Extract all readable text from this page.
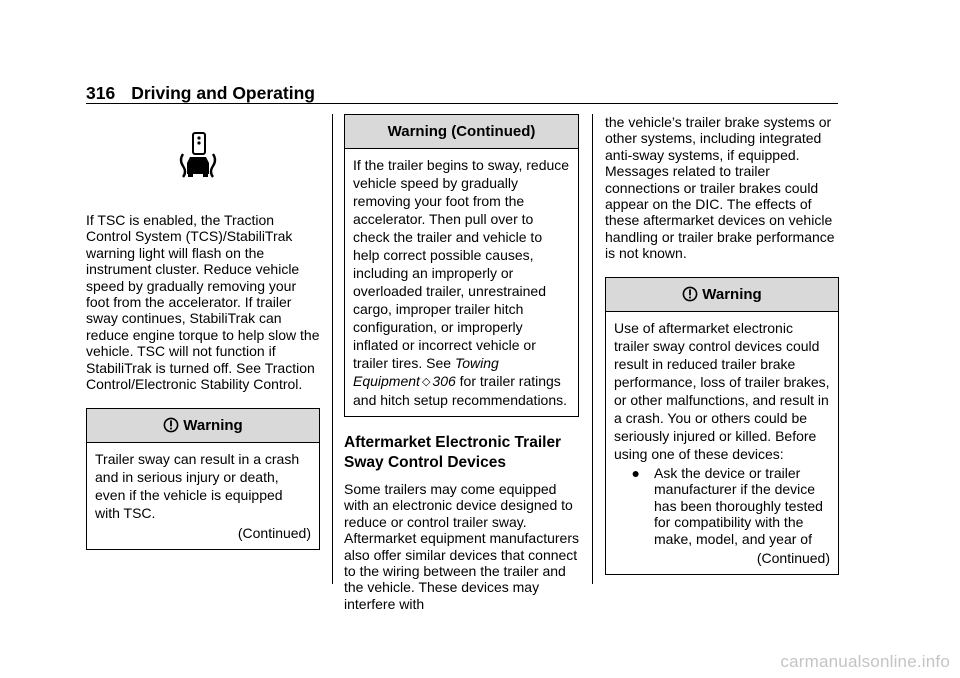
316 Driving and Operating

If TSC is enabled, the Traction Control System (TCS)/StabiliTrak warning light will flash on the instrument cluster. Reduce vehicle speed by gradually removing your foot from the accelerator. If trailer sway continues, StabiliTrak can reduce engine torque to help slow the vehicle. TSC will not function if StabiliTrak is turned off. See Traction Control/Electronic Stability Control.

Warning

Trailer sway can result in a crash and in serious injury or death, even if the vehicle is equipped with TSC.

(Continued)

Warning (Continued)

If the trailer begins to sway, reduce vehicle speed by gradually removing your foot from the accelerator. Then pull over to check the trailer and vehicle to help correct possible causes, including an improperly or overloaded trailer, unrestrained cargo, improper trailer hitch configuration, or improperly inflated or incorrect vehicle or trailer tires. See Towing Equipment ◇ 306 for trailer ratings and hitch setup recommendations.

Aftermarket Electronic Trailer Sway Control Devices

Some trailers may come equipped with an electronic device designed to reduce or control trailer sway. Aftermarket equipment manufacturers also offer similar devices that connect to the wiring between the trailer and the vehicle. These devices may interfere with

the vehicle’s trailer brake systems or other systems, including integrated anti-sway systems, if equipped. Messages related to trailer connections or trailer brakes could appear on the DIC. The effects of these aftermarket devices on vehicle handling or trailer brake performance is not known.

Warning

Use of aftermarket electronic trailer sway control devices could result in reduced trailer brake performance, loss of trailer brakes, or other malfunctions, and result in a crash. You or others could be seriously injured or killed. Before using one of these devices:

●	Ask the device or trailer manufacturer if the device has been thoroughly tested for compatibility with the make, model, and year of

(Continued)

carmanualsonline.info
